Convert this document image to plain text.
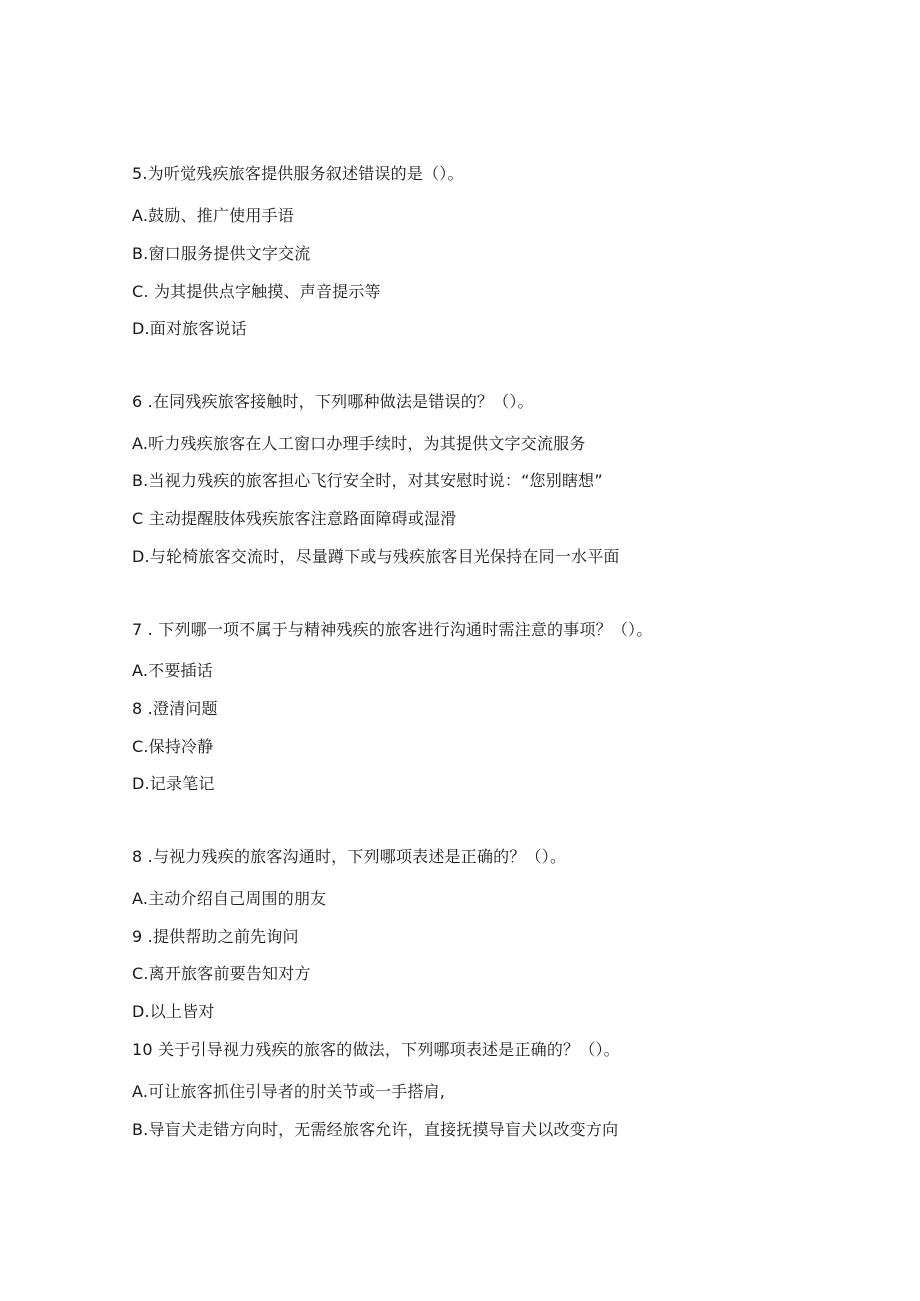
5.为听觉残疾旅客提供服务叙述错误的是（）。
A.鼓励、推广使用手语
B.窗口服务提供文字交流
C. 为其提供点字触摸、声音提示等
D.面对旅客说话
6 .在同残疾旅客接触时，下列哪种做法是错误的？（）。
A.听力残疾旅客在人工窗口办理手续时，为其提供文字交流服务
B.当视力残疾的旅客担心飞行安全时，对其安慰时说：“您别瞎想”
C 主动提醒肢体残疾旅客注意路面障碍或湿滑
D.与轮椅旅客交流时，尽量蹲下或与残疾旅客目光保持在同一水平面
7 . 下列哪一项不属于与精神残疾的旅客进行沟通时需注意的事项？（）。
A.不要插话
8 .澄清问题
C.保持冷静
D.记录笔记
8 .与视力残疾的旅客沟通时，下列哪项表述是正确的？（）。
A.主动介绍自己周围的朋友
9 .提供帮助之前先询问
C.离开旅客前要告知对方
D.以上皆对
10 关于引导视力残疾的旅客的做法，下列哪项表述是正确的？（）。
A.可让旅客抓住引导者的肘关节或一手搭肩,
B.导盲犬走错方向时，无需经旅客允许，直接抚摸导盲犬以改变方向
